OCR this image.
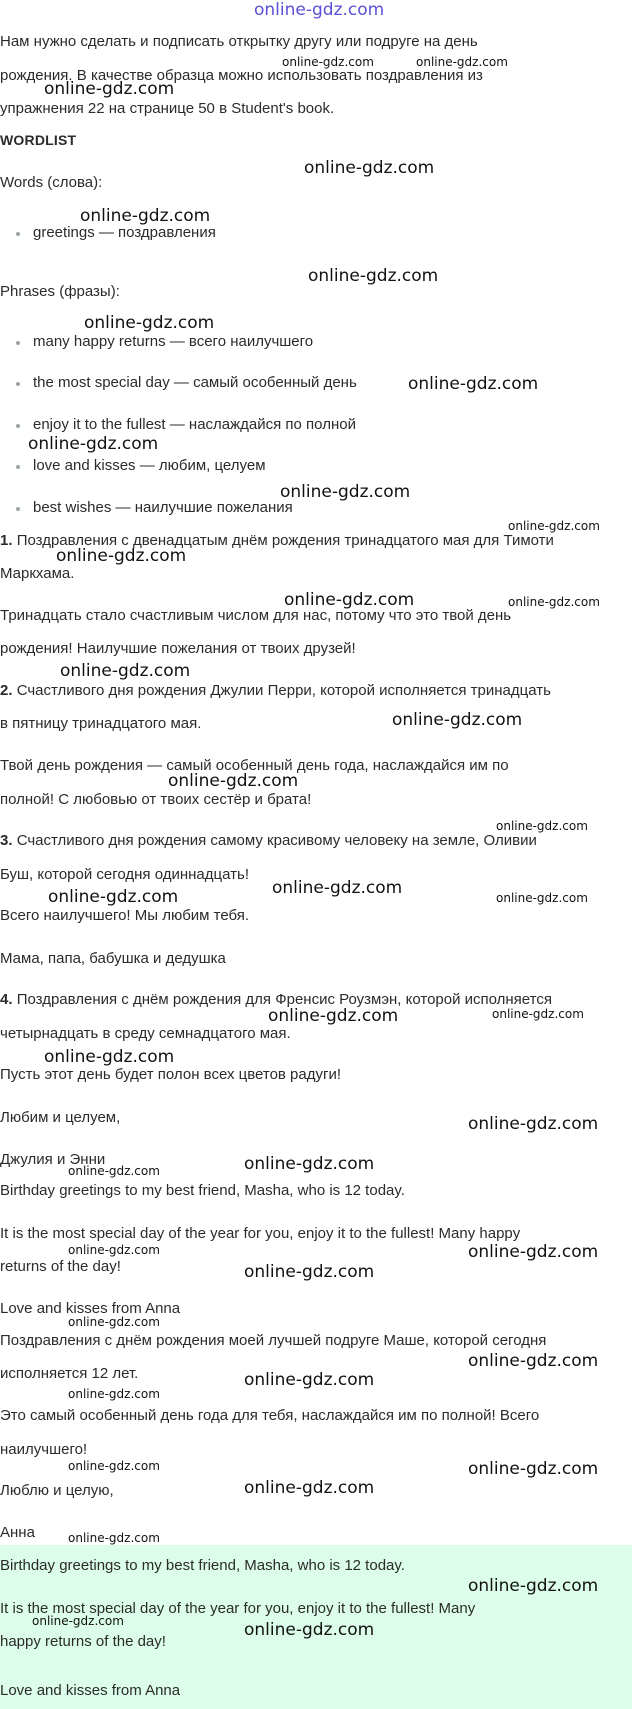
Нам нужно сделать и подписать открытку другу или подруге на день
рождения. В качестве образца можно использовать поздравления из
упражнения 22 на странице 50 в Student's book.
WORDLIST
Words (слова):
greetings — поздравления
Phrases (фразы):
many happy returns — всего наилучшего
the most special day — самый особенный день
enjoy it to the fullest — наслаждайся по полной
love and kisses — любим, целуем
best wishes — наилучшие пожелания
1. Поздравления с двенадцатым днём рождения тринадцатого мая для Тимоти
Маркхама.
Тринадцать стало счастливым числом для нас, потому что это твой день
рождения! Наилучшие пожелания от твоих друзей!
2. Счастливого дня рождения Джулии Перри, которой исполняется тринадцать
в пятницу тринадцатого мая.
Твой день рождения — самый особенный день года, наслаждайся им по
полной! С любовью от твоих сестёр и брата!
3. Счастливого дня рождения самому красивому человеку на земле, Оливии
Буш, которой сегодня одиннадцать!
Всего наилучшего! Мы любим тебя.
Мама, папа, бабушка и дедушка
4. Поздравления с днём рождения для Френсис Роузмэн, которой исполняется
четырнадцать в среду семнадцатого мая.
Пусть этот день будет полон всех цветов радуги!
Любим и целуем,
Джулия и Энни
Birthday greetings to my best friend, Masha, who is 12 today.
It is the most special day of the year for you, enjoy it to the fullest! Many happy
returns of the day!
Love and kisses from Anna
Поздравления с днём рождения моей лучшей подруге Маше, которой сегодня
исполняется 12 лет.
Это самый особенный день года для тебя, наслаждайся им по полной! Всего
наилучшего!
Люблю и целую,
Анна
Birthday greetings to my best friend, Masha, who is 12 today.
It is the most special day of the year for you, enjoy it to the fullest! Many
happy returns of the day!
Love and kisses from Anna
online-gdz.com
online-gdz.com	online-gdz.com
online-gdz.com
online-gdz.com
online-gdz.com
online-gdz.com
online-gdz.com
online-gdz.com
online-gdz.com
online-gdz.com
online-gdz.com
online-gdz.com
online-gdz.com	online-gdz.com
online-gdz.com
online-gdz.com
online-gdz.com
online-gdz.com
online-gdz.com
online-gdz.com	online-gdz.com
online-gdz.com	online-gdz.com
online-gdz.com
online-gdz.com
online-gdz.com
online-gdz.com
online-gdz.com	online-gdz.com
online-gdz.com
online-gdz.com
online-gdz.com
online-gdz.com
online-gdz.com
online-gdz.com	online-gdz.com
online-gdz.com
online-gdz.com
online-gdz.com
online-gdz.com	online-gdz.com
